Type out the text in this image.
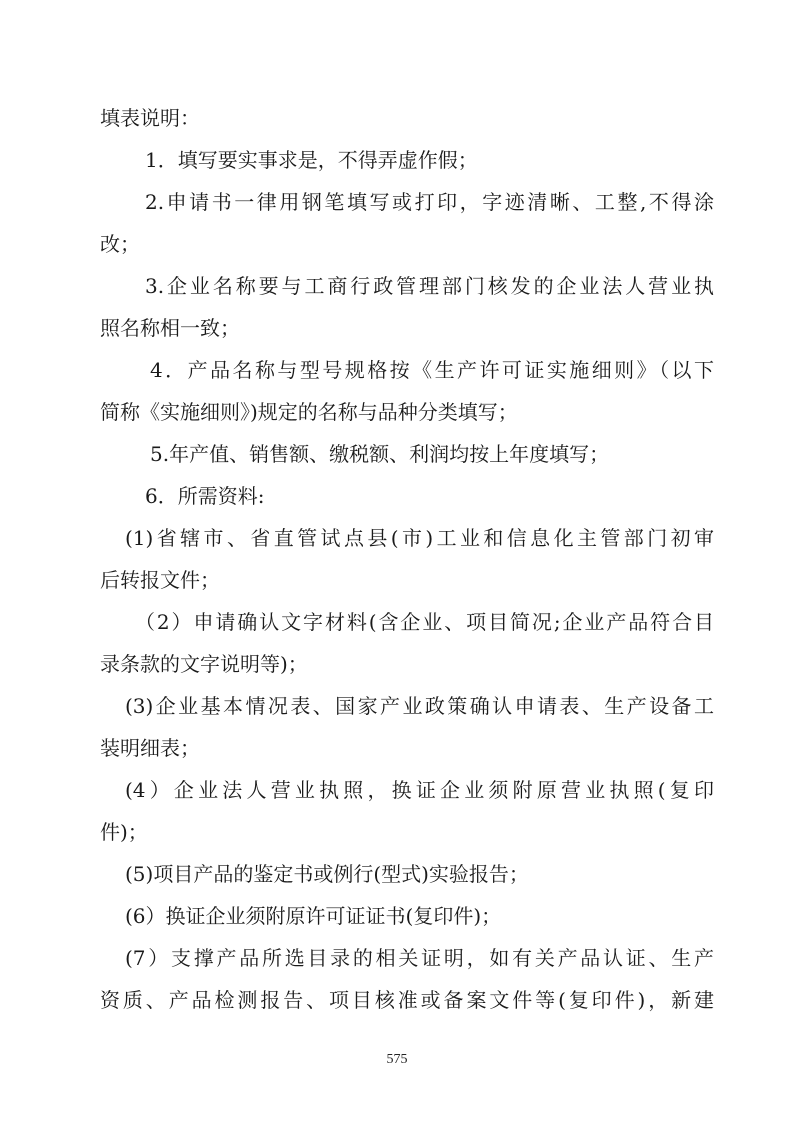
填表说明：
1．填写要实事求是，不得弄虚作假；
2.申请书一律用钢笔填写或打印，字迹清晰、工整,不得涂
改；
3.企业名称要与工商行政管理部门核发的企业法人营业执
照名称相一致；
4．产品名称与型号规格按《生产许可证实施细则》（以下
简称《实施细则》)规定的名称与品种分类填写；
5.年产值、销售额、缴税额、利润均按上年度填写；
6．所需资料:
(1)省辖市、省直管试点县(市)工业和信息化主管部门初审
后转报文件；
（2）申请确认文字材料(含企业、项目简况;企业产品符合目
录条款的文字说明等)；
(3)企业基本情况表、国家产业政策确认申请表、生产设备工
装明细表；
(4）企业法人营业执照，换证企业须附原营业执照(复印
件)；
(5)项目产品的鉴定书或例行(型式)实验报告；
(6）换证企业须附原许可证证书(复印件)；
(7）支撑产品所选目录的相关证明，如有关产品认证、生产
资质、产品检测报告、项目核准或备案文件等(复印件)，新建
575
